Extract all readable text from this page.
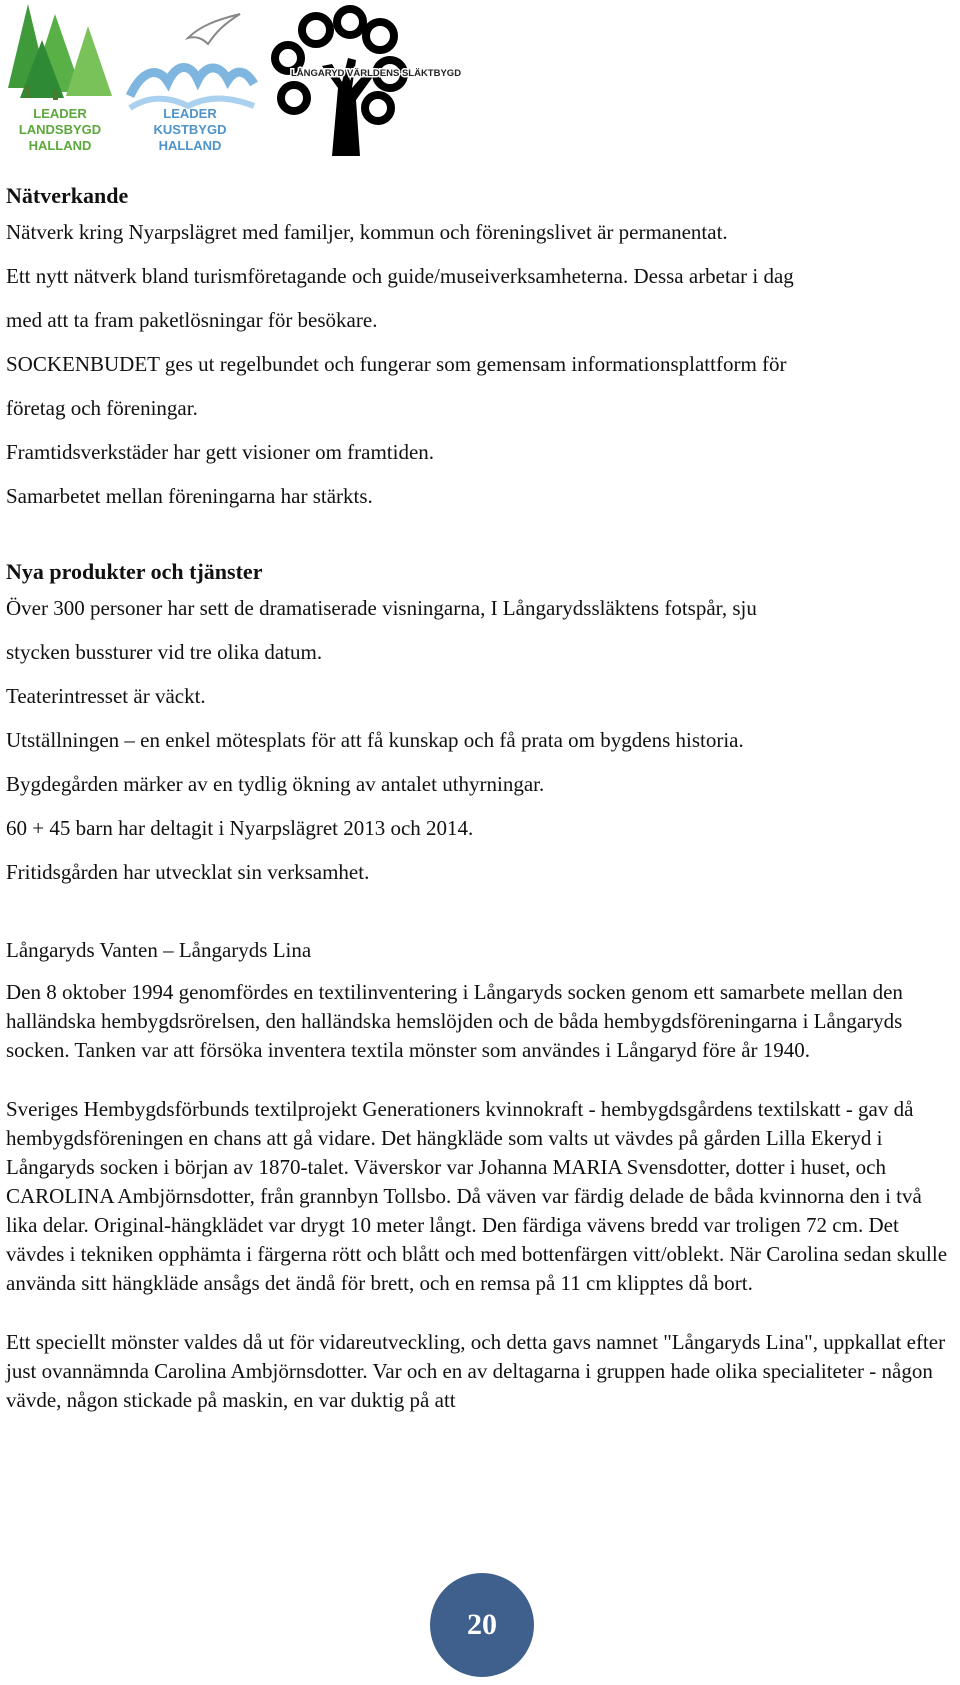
LEADER
LANDSBYGD
HALLAND
LEADER
KUSTBYGD
HALLAND
LÅNGARYD VÄRLDENS SLÄKTBYGD

Nätverkande

Nätverk kring Nyarpslägret med familjer, kommun och föreningslivet är permanentat.

Ett nytt nätverk bland turismföretagande och guide/museiverksamheterna. Dessa arbetar i dag

med att ta fram paketlösningar för besökare.

SOCKENBUDET ges ut regelbundet och fungerar som gemensam informationsplattform för

företag och föreningar.

Framtidsverkstäder har gett visioner om framtiden.

Samarbetet mellan föreningarna har stärkts.

Nya produkter och tjänster

Över 300 personer har sett de dramatiserade visningarna, I Långarydssläktens fotspår, sju

stycken bussturer vid tre olika datum.

Teaterintresset är väckt.

Utställningen – en enkel mötesplats för att få kunskap och få prata om bygdens historia.

Bygdegården märker av en tydlig ökning av antalet uthyrningar.

60 + 45 barn har deltagit i Nyarpslägret 2013 och 2014.

Fritidsgården har utvecklat sin verksamhet.

Långaryds Vanten – Långaryds Lina

Den 8 oktober 1994 genomfördes en textilinventering i Långaryds socken genom ett samarbete mellan den halländska hembygdsrörelsen, den halländska hemslöjden och de båda hembygdsföreningarna i Långaryds socken. Tanken var att försöka inventera textila mönster som användes i Långaryd före år 1940.

Sveriges Hembygdsförbunds textilprojekt Generationers kvinnokraft - hembygdsgårdens textilskatt - gav då hembygdsföreningen en chans att gå vidare. Det hängkläde som valts ut vävdes på gården Lilla Ekeryd i Långaryds socken i början av 1870-talet. Väverskor var Johanna MARIA Svensdotter, dotter i huset, och CAROLINA Ambjörnsdotter, från grannbyn Tollsbo. Då väven var färdig delade de båda kvinnorna den i två lika delar. Original-hängklädet var drygt 10 meter långt. Den färdiga vävens bredd var troligen 72 cm. Det vävdes i tekniken opphämta i färgerna rött och blått och med bottenfärgen vitt/oblekt. När Carolina sedan skulle använda sitt hängkläde ansågs det ändå för brett, och en remsa på 11 cm klipptes då bort.

Ett speciellt mönster valdes då ut för vidareutveckling, och detta gavs namnet "Långaryds Lina", uppkallat efter just ovannämnda Carolina Ambjörnsdotter. Var och en av deltagarna i gruppen hade olika specialiteter - någon vävde, någon stickade på maskin, en var duktig på att

20
